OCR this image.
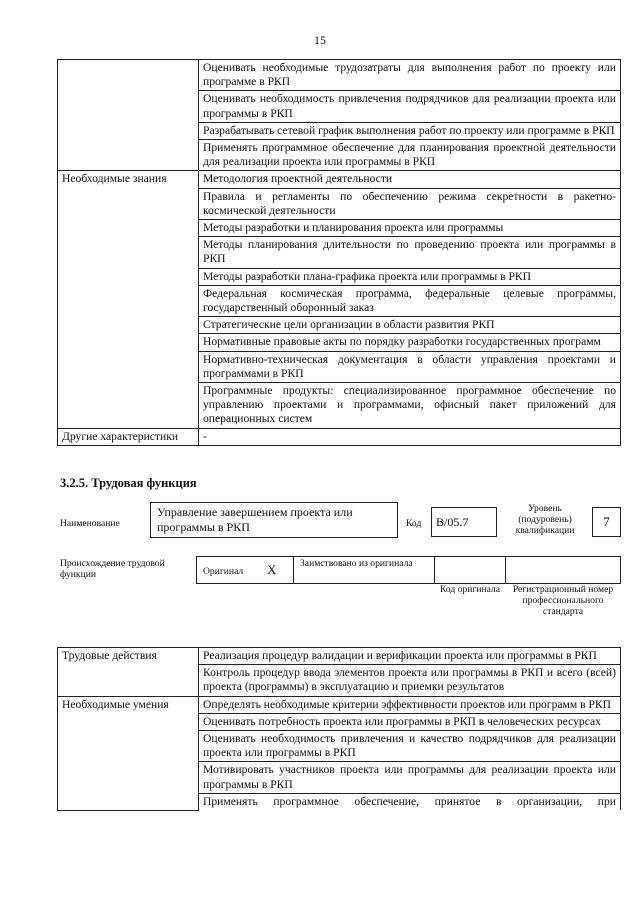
15
	Оценивать необходимые трудозатраты для выполнения работ по проекту или программе в РКП
	Оценивать необходимость привлечения подрядчиков для реализации проекта или программы в РКП
	Разрабатывать сетевой график выполнения работ по проекту или программе в РКП
	Применять программное обеспечение для планирования проектной деятельности для реализации проекта или программы в РКП
Необходимые знания	Методология проектной деятельности
	Правила и регламенты по обеспечению режима секретности в ракетно-космической деятельности
	Методы разработки и планирования проекта или программы
	Методы планирования длительности по проведению проекта или программы в РКП
	Методы разработки плана-графика проекта или программы в РКП
	Федеральная космическая программа, федеральные целевые программы, государственный оборонный заказ
	Стратегические цели организации в области развития РКП
	Нормативные правовые акты по порядку разработки государственных программ
	Нормативно-техническая документация в области управления проектами и программами в РКП
	Программные продукты: специализированное программное обеспечение по управлению проектами и программами, офисный пакет приложений для операционных систем
Другие характеристики	-
3.2.5. Трудовая функция
Наименование
Управление завершением проекта или программы в РКП	Код	B/05.7
Уровень (подуровень) квалификации
7
Происхождение трудовой функции	Оригинал X	Заимствовано из оригинала
Код оригинала	Регистрационный номер профессионального стандарта
Трудовые действия	Реализация процедур валидации и верификации проекта или программы в РКП
	Контроль процедур ввода элементов проекта или программы в РКП и всего (всей) проекта (программы) в эксплуатацию и приемки результатов
Необходимые умения	Определять необходимые критерии эффективности проектов или программ в РКП
	Оценивать потребность проекта или программы в РКП в человеческих ресурсах
	Оценивать необходимость привлечения и качество подрядчиков для реализации проекта или программы в РКП
	Мотивировать участников проекта или программы для реализации проекта или программы в РКП
	Применять программное обеспечение, принятое в организации, при
